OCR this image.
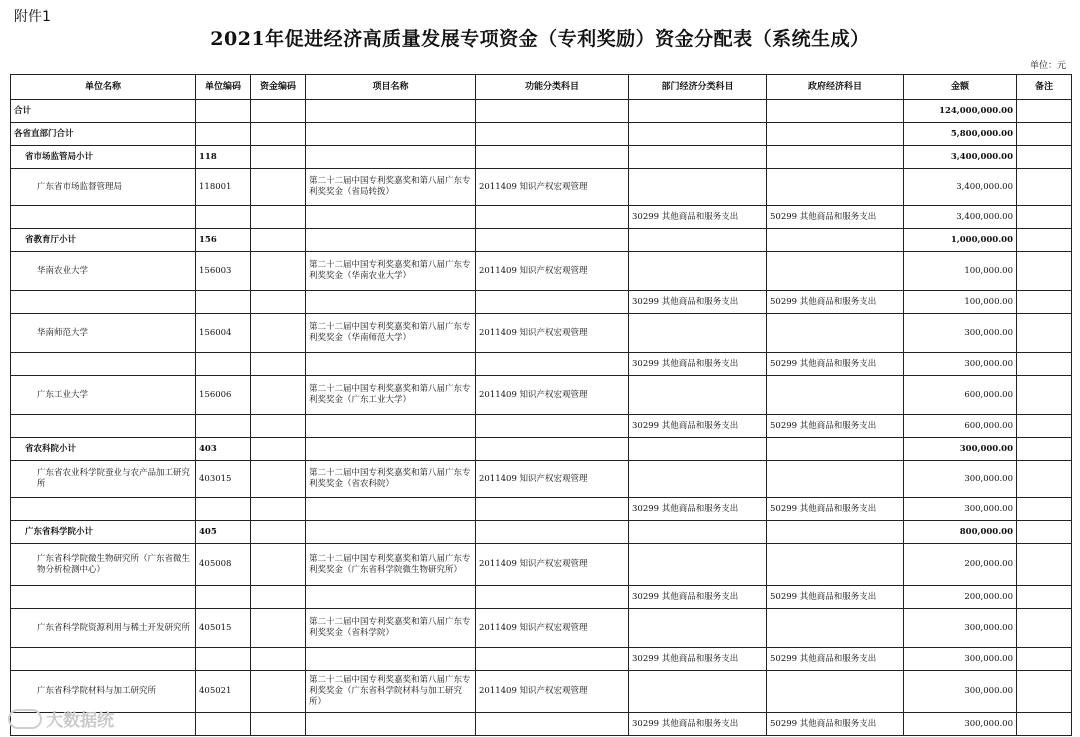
附件1
2021年促进经济高质量发展专项资金（专利奖励）资金分配表（系统生成）
单位：元
单位名称	单位编码	资金编码	项目名称	功能分类科目	部门经济分类科目	政府经济科目	金额	备注
合计							124,000,000.00	
各省直部门合计							5,800,000.00	
省市场监管局小计	118						3,400,000.00	
广东省市场监督管理局	118001		第二十二届中国专利奖嘉奖和第八届广东专利奖奖金（省局转拨）	2011409 知识产权宏观管理			3,400,000.00	
					30299 其他商品和服务支出	50299 其他商品和服务支出	3,400,000.00	
省教育厅小计	156						1,000,000.00	
华南农业大学	156003		第二十二届中国专利奖嘉奖和第八届广东专利奖奖金（华南农业大学）	2011409 知识产权宏观管理			100,000.00	
					30299 其他商品和服务支出	50299 其他商品和服务支出	100,000.00	
华南师范大学	156004		第二十二届中国专利奖嘉奖和第八届广东专利奖奖金（华南师范大学）	2011409 知识产权宏观管理			300,000.00	
					30299 其他商品和服务支出	50299 其他商品和服务支出	300,000.00	
广东工业大学	156006		第二十二届中国专利奖嘉奖和第八届广东专利奖奖金（广东工业大学）	2011409 知识产权宏观管理			600,000.00	
					30299 其他商品和服务支出	50299 其他商品和服务支出	600,000.00	
省农科院小计	403						300,000.00	
广东省农业科学院蚕业与农产品加工研究所	403015		第二十二届中国专利奖嘉奖和第八届广东专利奖奖金（省农科院）	2011409 知识产权宏观管理			300,000.00	
					30299 其他商品和服务支出	50299 其他商品和服务支出	300,000.00	
广东省科学院小计	405						800,000.00	
广东省科学院微生物研究所（广东省微生物分析检测中心）	405008		第二十二届中国专利奖嘉奖和第八届广东专利奖奖金（广东省科学院微生物研究所）	2011409 知识产权宏观管理			200,000.00	
					30299 其他商品和服务支出	50299 其他商品和服务支出	200,000.00	
广东省科学院资源利用与稀土开发研究所	405015		第二十二届中国专利奖嘉奖和第八届广东专利奖奖金（省科学院）	2011409 知识产权宏观管理			300,000.00	
					30299 其他商品和服务支出	50299 其他商品和服务支出	300,000.00	
广东省科学院材料与加工研究所	405021		第二十二届中国专利奖嘉奖和第八届广东专利奖奖金（广东省科学院材料与加工研究所）	2011409 知识产权宏观管理			300,000.00	
					30299 其他商品和服务支出	50299 其他商品和服务支出	300,000.00	
大数据统
